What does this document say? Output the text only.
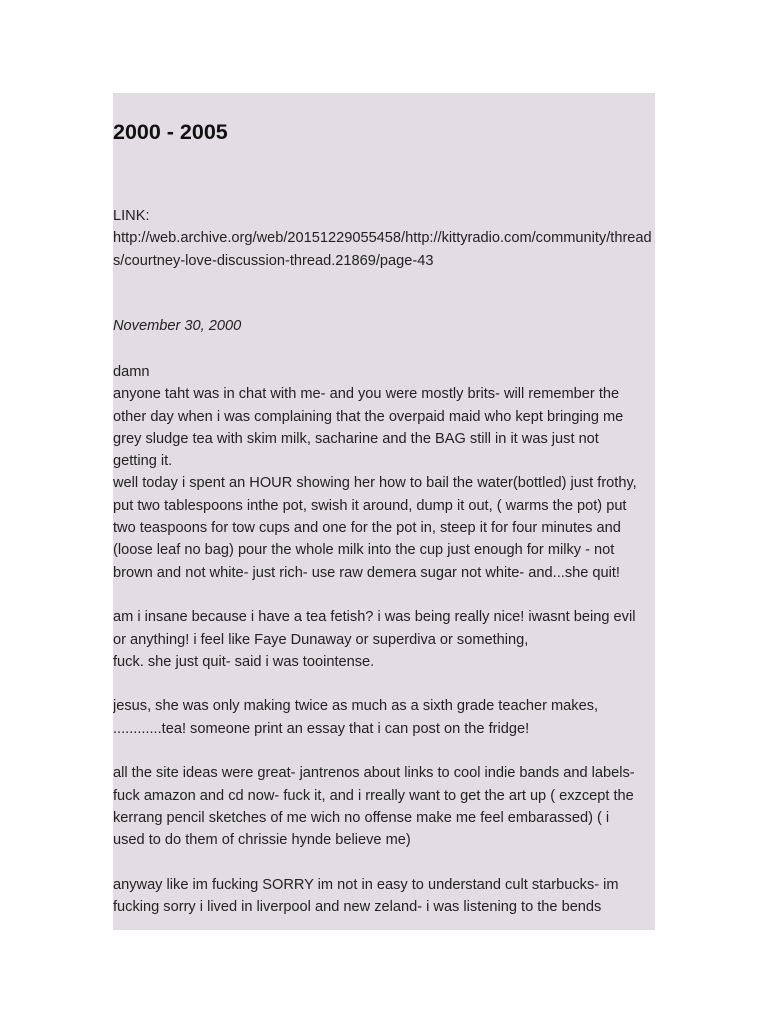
2000 - 2005
LINK:
http://web.archive.org/web/20151229055458/http://kittyradio.com/community/threads/courtney-love-discussion-thread.21869/page-43
November 30, 2000
damn
anyone taht was in chat with me- and you were mostly brits- will remember the
other day when i was complaining that the overpaid maid who kept bringing me
grey sludge tea with skim milk, sacharine and the BAG still in it was just not
getting it.
well today i spent an HOUR showing her how to bail the water(bottled) just frothy,
put two tablespoons inthe pot, swish it around, dump it out, ( warms the pot) put
two teaspoons for tow cups and one for the pot in, steep it for four minutes and
(loose leaf no bag) pour the whole milk into the cup just enough for milky - not
brown and not white- just rich- use raw demera sugar not white- and...she quit!
am i insane because i have a tea fetish? i was being really nice! iwasnt being evil
or anything! i feel like Faye Dunaway or superdiva or something,
fuck. she just quit- said i was toointense.
jesus, she was only making twice as much as a sixth grade teacher makes,
............tea! someone print an essay that i can post on the fridge!
all the site ideas were great- jantrenos about links to cool indie bands and labels-
fuck amazon and cd now- fuck it, and i rreally want to get the art up ( exzcept the
kerrang pencil sketches of me wich no offense make me feel embarassed) ( i
used to do them of chrissie hynde believe me)
anyway like im fucking SORRY im not in easy to understand cult starbucks- im
fucking sorry i lived in liverpool and new zeland- i was listening to the bends
